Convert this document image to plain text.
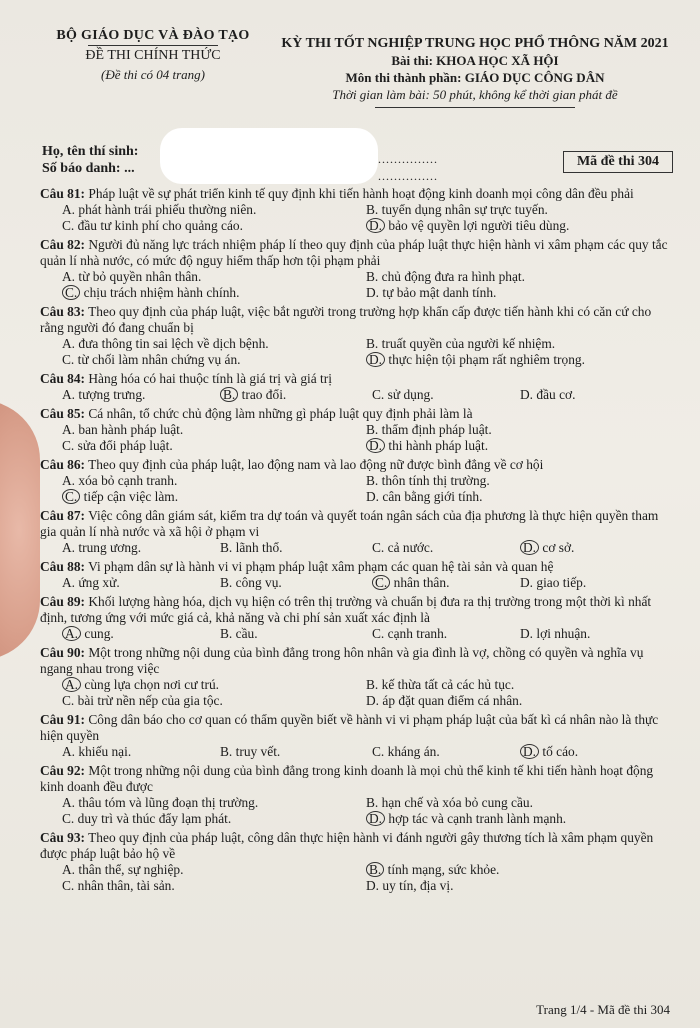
BỘ GIÁO DỤC VÀ ĐÀO TẠO
ĐỀ THI CHÍNH THỨC
(Đề thi có 04 trang)
KỲ THI TỐT NGHIỆP TRUNG HỌC PHỔ THÔNG NĂM 2021
Bài thi: KHOA HỌC XÃ HỘI
Môn thi thành phần: GIÁO DỤC CÔNG DÂN
Thời gian làm bài: 50 phút, không kể thời gian phát đề
Họ, tên thí sinh:
Số báo danh: ...
...............
...............
Mã đề thi 304
Câu 81: Pháp luật về sự phát triển kinh tế quy định khi tiến hành hoạt động kinh doanh mọi công dân đều phải
A. phát hành trái phiếu thường niên.	B. tuyển dụng nhân sự trực tuyến.
C. đầu tư kinh phí cho quảng cáo.	D. bảo vệ quyền lợi người tiêu dùng.
Câu 82: Người đủ năng lực trách nhiệm pháp lí theo quy định của pháp luật thực hiện hành vi xâm phạm các quy tắc quản lí nhà nước, có mức độ nguy hiểm thấp hơn tội phạm phải
A. từ bỏ quyền nhân thân.	B. chủ động đưa ra hình phạt.
C. chịu trách nhiệm hành chính.	D. tự bảo mật danh tính.
Câu 83: Theo quy định của pháp luật, việc bắt người trong trường hợp khẩn cấp được tiến hành khi có căn cứ cho rằng người đó đang chuẩn bị
A. đưa thông tin sai lệch về dịch bệnh.	B. truất quyền của người kế nhiệm.
C. từ chối làm nhân chứng vụ án.	D. thực hiện tội phạm rất nghiêm trọng.
Câu 84: Hàng hóa có hai thuộc tính là giá trị và giá trị
A. tượng trưng.	B. trao đổi.	C. sử dụng.	D. đầu cơ.
Câu 85: Cá nhân, tổ chức chủ động làm những gì pháp luật quy định phải làm là
A. ban hành pháp luật.	B. thẩm định pháp luật.
C. sửa đổi pháp luật.	D. thi hành pháp luật.
Câu 86: Theo quy định của pháp luật, lao động nam và lao động nữ được bình đẳng về cơ hội
A. xóa bỏ cạnh tranh.	B. thôn tính thị trường.
C. tiếp cận việc làm.	D. cân bằng giới tính.
Câu 87: Việc công dân giám sát, kiểm tra dự toán và quyết toán ngân sách của địa phương là thực hiện quyền tham gia quản lí nhà nước và xã hội ở phạm vi
A. trung ương.	B. lãnh thổ.	C. cả nước.	D. cơ sở.
Câu 88: Vi phạm dân sự là hành vi vi phạm pháp luật xâm phạm các quan hệ tài sản và quan hệ
A. ứng xử.	B. công vụ.	C. nhân thân.	D. giao tiếp.
Câu 89: Khối lượng hàng hóa, dịch vụ hiện có trên thị trường và chuẩn bị đưa ra thị trường trong một thời kì nhất định, tương ứng với mức giá cả, khả năng và chi phí sản xuất xác định là
A. cung.	B. cầu.	C. cạnh tranh.	D. lợi nhuận.
Câu 90: Một trong những nội dung của bình đẳng trong hôn nhân và gia đình là vợ, chồng có quyền và nghĩa vụ ngang nhau trong việc
A. cùng lựa chọn nơi cư trú.	B. kế thừa tất cả các hủ tục.
C. bài trừ nền nếp của gia tộc.	D. áp đặt quan điểm cá nhân.
Câu 91: Công dân báo cho cơ quan có thẩm quyền biết về hành vi vi phạm pháp luật của bất kì cá nhân nào là thực hiện quyền
A. khiếu nại.	B. truy vết.	C. kháng án.	D. tố cáo.
Câu 92: Một trong những nội dung của bình đẳng trong kinh doanh là mọi chủ thể kinh tế khi tiến hành hoạt động kinh doanh đều được
A. thâu tóm và lũng đoạn thị trường.	B. hạn chế và xóa bỏ cung cầu.
C. duy trì và thúc đẩy lạm phát.	D. hợp tác và cạnh tranh lành mạnh.
Câu 93: Theo quy định của pháp luật, công dân thực hiện hành vi đánh người gây thương tích là xâm phạm quyền được pháp luật bảo hộ về
A. thân thể, sự nghiệp.	B. tính mạng, sức khỏe.
C. nhân thân, tài sản.	D. uy tín, địa vị.
Trang 1/4 - Mã đề thi 304
